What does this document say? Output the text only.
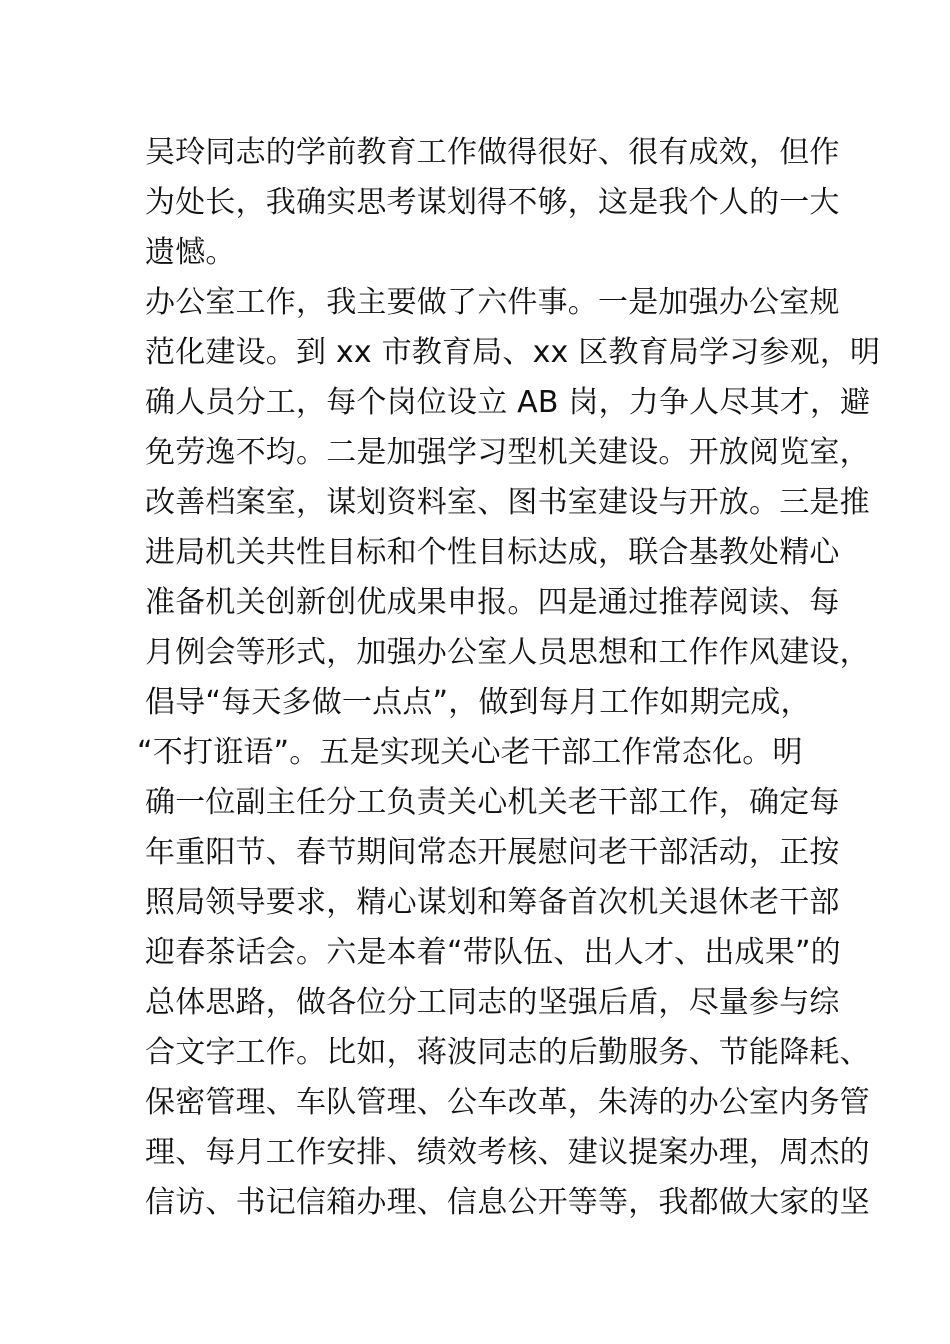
吴玲同志的学前教育工作做得很好、很有成效，但作
为处长，我确实思考谋划得不够，这是我个人的一大
遗憾。
办公室工作，我主要做了六件事。一是加强办公室规
范化建设。到 xx 市教育局、xx 区教育局学习参观，明
确人员分工，每个岗位设立 AB 岗，力争人尽其才，避
免劳逸不均。二是加强学习型机关建设。开放阅览室，
改善档案室，谋划资料室、图书室建设与开放。三是推
进局机关共性目标和个性目标达成，联合基教处精心
准备机关创新创优成果申报。四是通过推荐阅读、每
月例会等形式，加强办公室人员思想和工作作风建设，
倡导“每天多做一点点”，做到每月工作如期完成，
“不打诳语”。五是实现关心老干部工作常态化。明
确一位副主任分工负责关心机关老干部工作，确定每
年重阳节、春节期间常态开展慰问老干部活动，正按
照局领导要求，精心谋划和筹备首次机关退休老干部
迎春茶话会。六是本着“带队伍、出人才、出成果”的
总体思路，做各位分工同志的坚强后盾，尽量参与综
合文字工作。比如，蒋波同志的后勤服务、节能降耗、
保密管理、车队管理、公车改革，朱涛的办公室内务管
理、每月工作安排、绩效考核、建议提案办理，周杰的
信访、书记信箱办理、信息公开等等，我都做大家的坚
